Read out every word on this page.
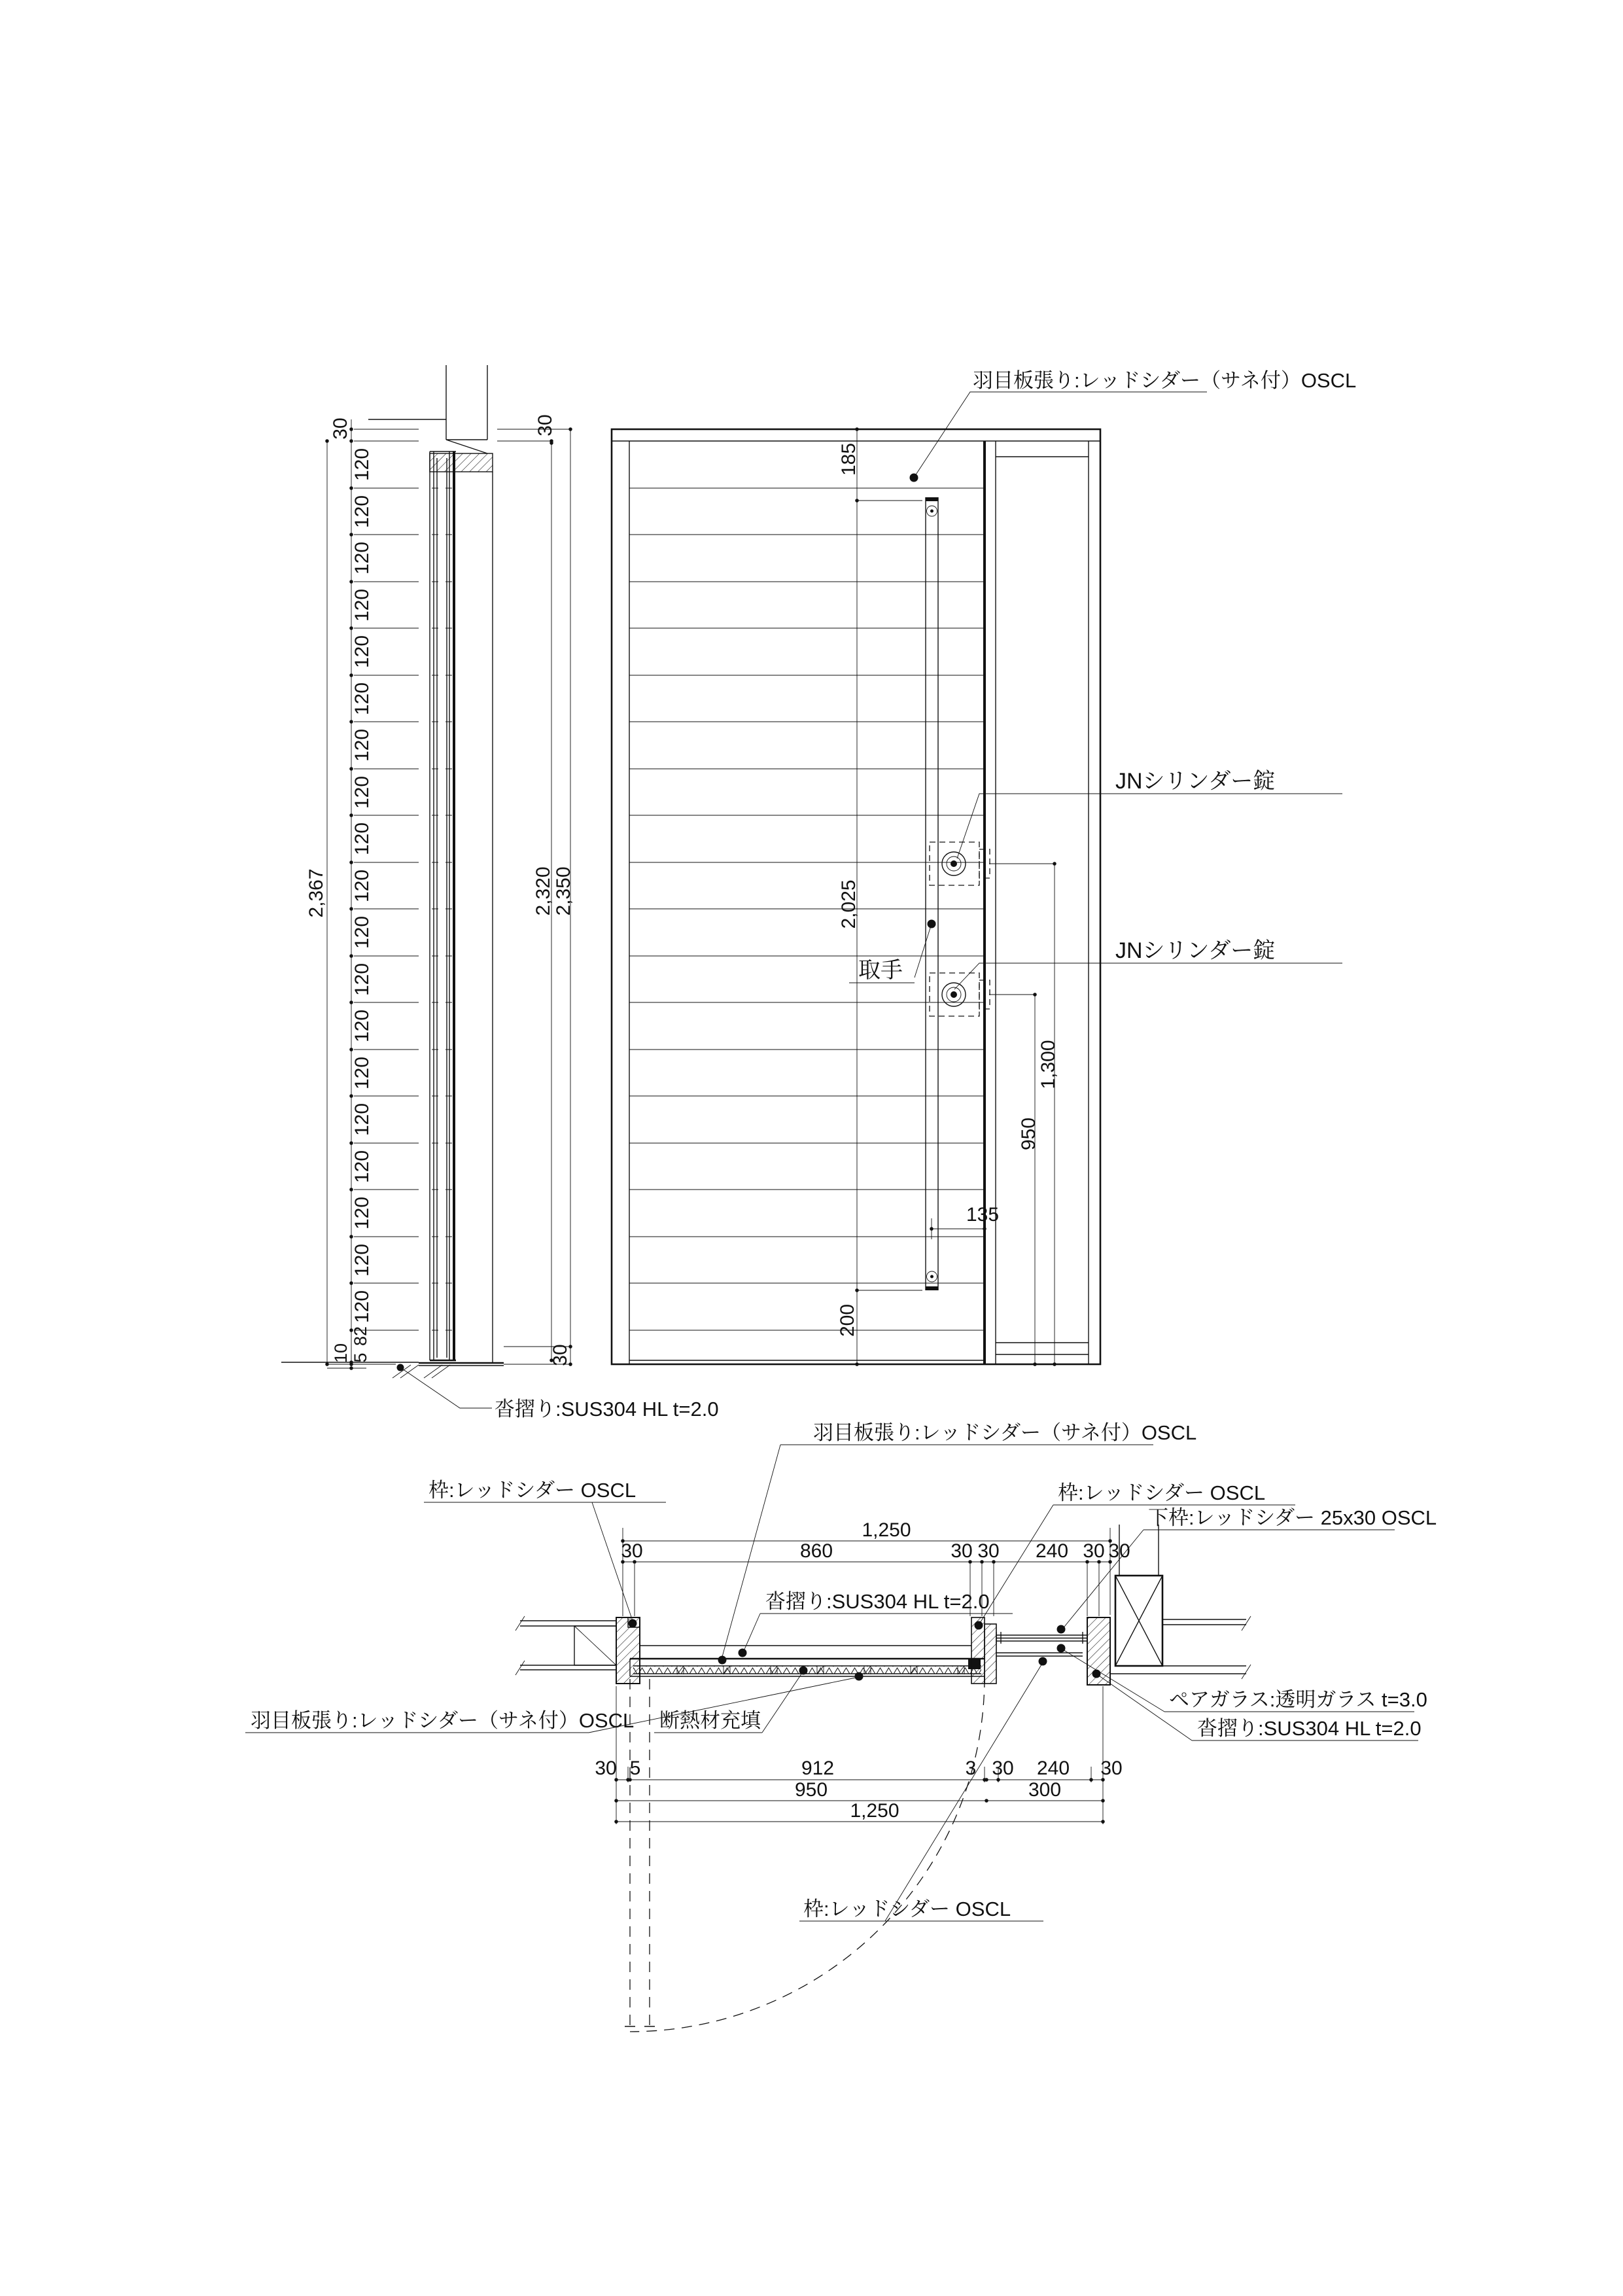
30
120
120
120
120
120
120
120
120
120
120
120
120
120
120
120
120
120
120
120
82
5
10
2,367	2,320
2,350
30
30
沓摺り:SUS304 HL t=2.0
185
2,025
200
取手
JNシリンダー錠
JNシリンダー錠
950
1,300
135
羽目板張り:レッドシダー（サネ付）OSCL
1,250
30	860	30 30 240 30 30
30 5	912	3 30 240 30
950	300
1,250
羽目板張り:レッドシダー（サネ付）OSCL
枠:レッドシダー OSCL
沓摺り:SUS304 HL t=2.0
枠:レッドシダー OSCL
下枠:レッドシダー 25x30 OSCL
ペアガラス:透明ガラス t=3.0
沓摺り:SUS304 HL t=2.0
断熱材充填
羽目板張り:レッドシダー（サネ付）OSCL
枠:レッドシダー OSCL
